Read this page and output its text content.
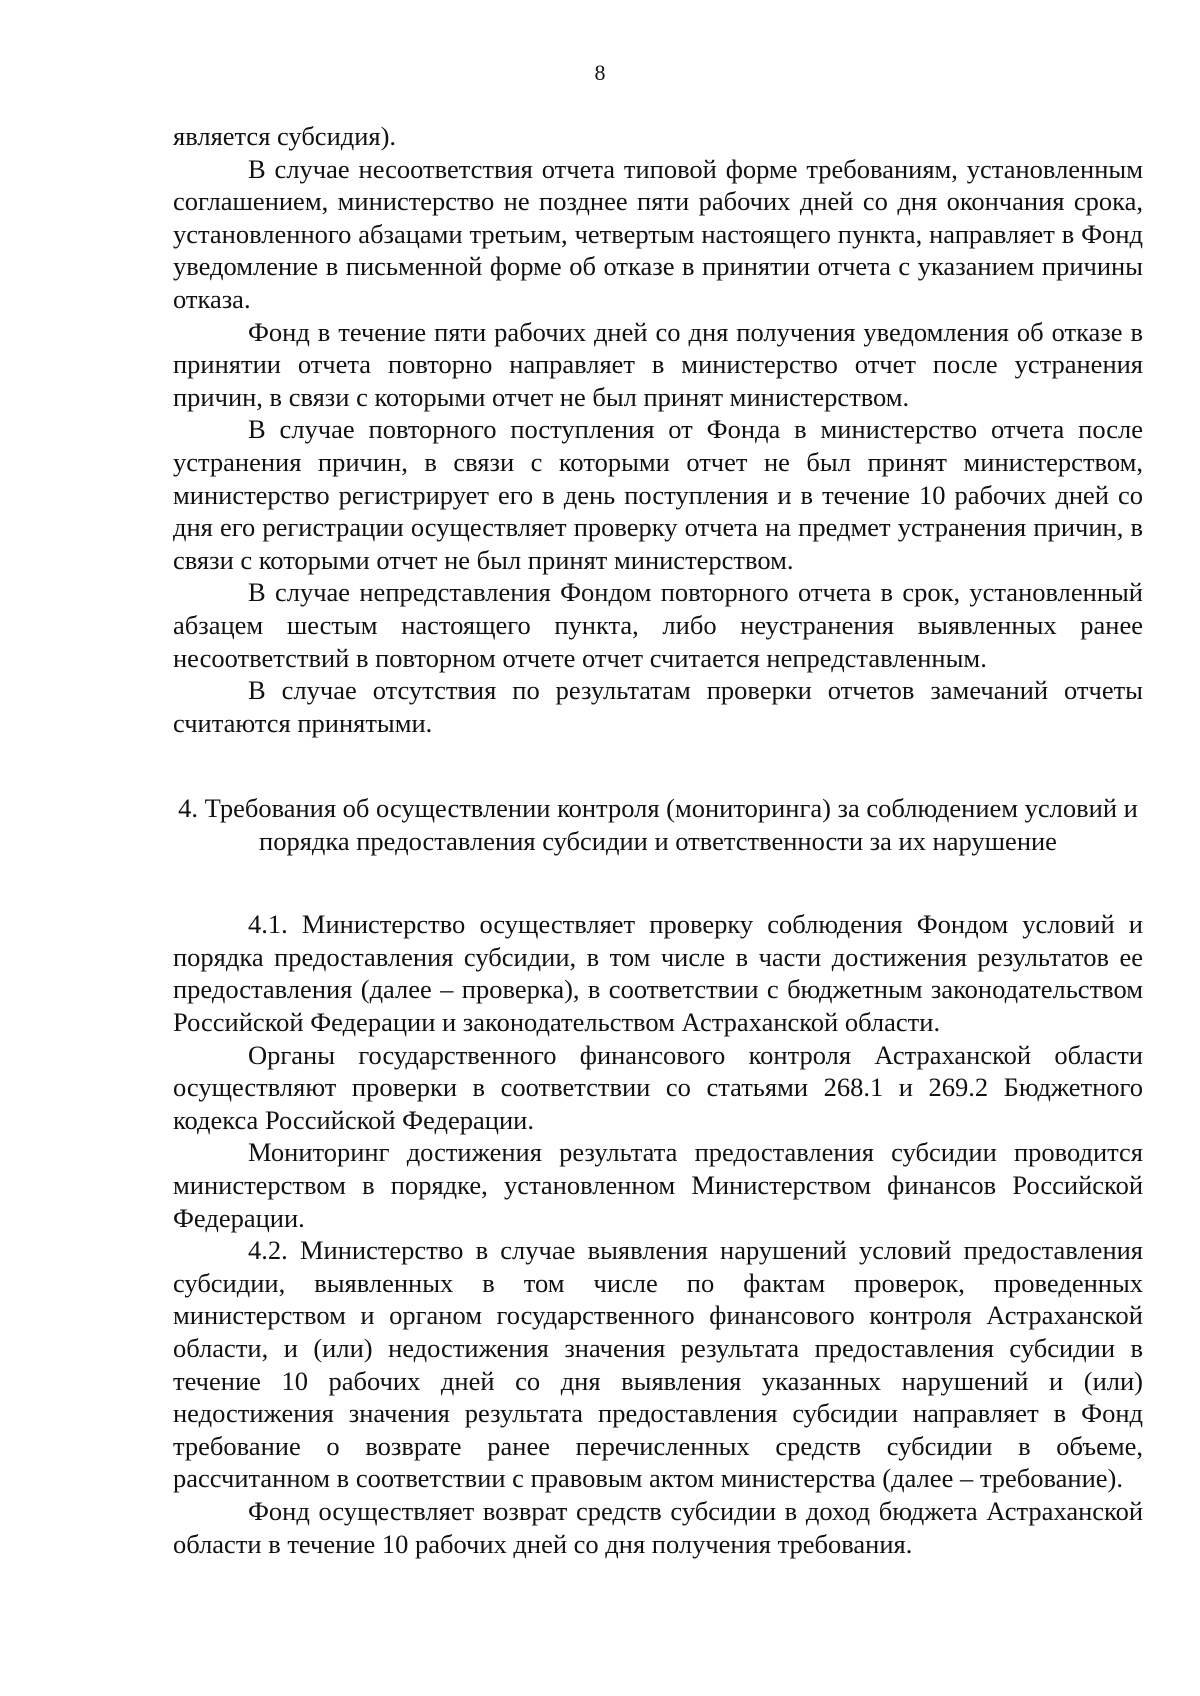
8

является субсидия).

В случае несоответствия отчета типовой форме требованиям, установленным соглашением, министерство не позднее пяти рабочих дней со дня окончания срока, установленного абзацами третьим, четвертым настоящего пункта, направляет в Фонд уведомление в письменной форме об отказе в принятии отчета с указанием причины отказа.

Фонд в течение пяти рабочих дней со дня получения уведомления об отказе в принятии отчета повторно направляет в министерство отчет после устранения причин, в связи с которыми отчет не был принят министерством.

В случае повторного поступления от Фонда в министерство отчета после устранения причин, в связи с которыми отчет не был принят министерством, министерство регистрирует его в день поступления и в течение 10 рабочих дней со дня его регистрации осуществляет проверку отчета на предмет устранения причин, в связи с которыми отчет не был принят министерством.

В случае непредставления Фондом повторного отчета в срок, установленный абзацем шестым настоящего пункта, либо неустранения выявленных ранее несоответствий в повторном отчете отчет считается непредставленным.

В случае отсутствия по результатам проверки отчетов замечаний отчеты считаются принятыми.

4. Требования об осуществлении контроля (мониторинга) за соблюдением условий и порядка предоставления субсидии и ответственности за их нарушение

4.1. Министерство осуществляет проверку соблюдения Фондом условий и порядка предоставления субсидии, в том числе в части достижения результатов ее предоставления (далее – проверка), в соответствии с бюджетным законодательством Российской Федерации и законодательством Астраханской области.

Органы государственного финансового контроля Астраханской области осуществляют проверки в соответствии со статьями 268.1 и 269.2 Бюджетного кодекса Российской Федерации.

Мониторинг достижения результата предоставления субсидии проводится министерством в порядке, установленном Министерством финансов Российской Федерации.

4.2. Министерство в случае выявления нарушений условий предоставления субсидии, выявленных в том числе по фактам проверок, проведенных министерством и органом государственного финансового контроля Астраханской области, и (или) недостижения значения результата предоставления субсидии в течение 10 рабочих дней со дня выявления указанных нарушений и (или) недостижения значения результата предоставления субсидии направляет в Фонд требование о возврате ранее перечисленных средств субсидии в объеме, рассчитанном в соответствии с правовым актом министерства (далее – требование).

Фонд осуществляет возврат средств субсидии в доход бюджета Астраханской области в течение 10 рабочих дней со дня получения требования.
